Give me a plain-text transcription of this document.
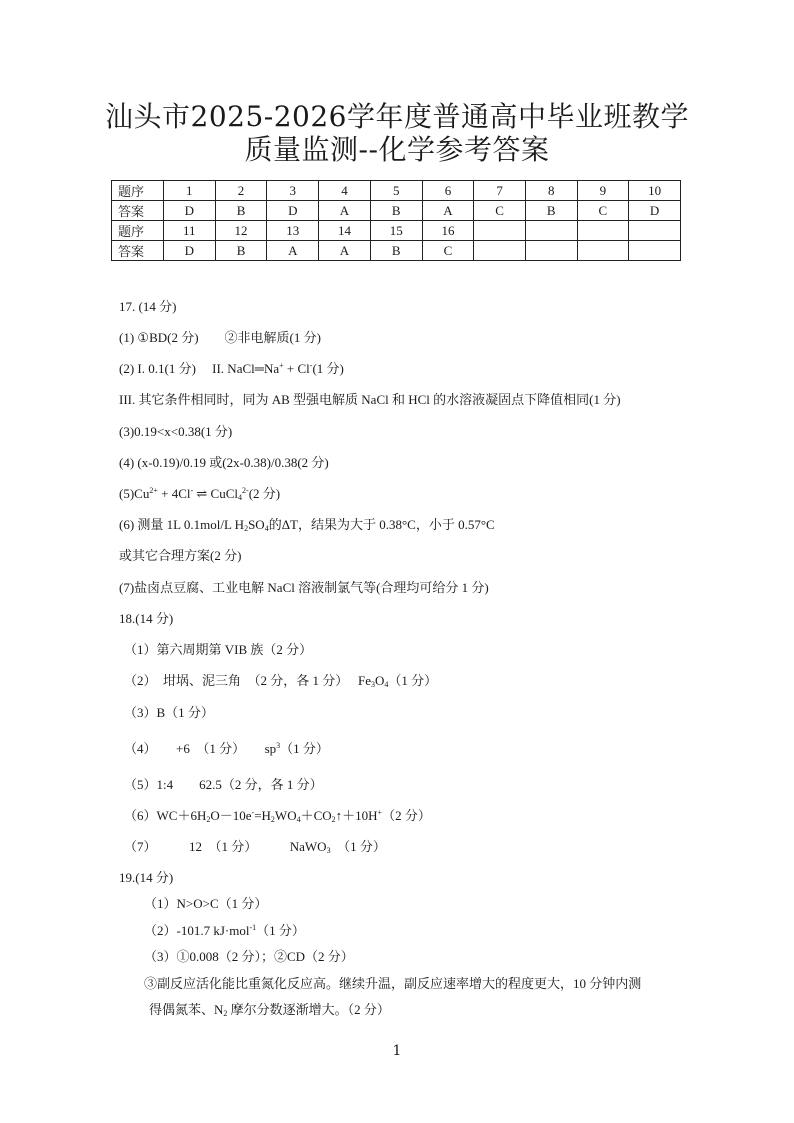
汕头市2025-2026学年度普通高中毕业班教学
质量监测--化学参考答案
题序	1	2	3	4	5	6	7	8	9	10
答案	D	B	D	A	B	A	C	B	C	D
题序	11	12	13	14	15	16				
答案	D	B	A	A	B	C				
17. (14 分)
(1) ①BD(2 分)　　②非电解质(1 分)
(2) I. 0.1(1 分)　 II. NaCl═Na+ + Cl-(1 分)
III. 其它条件相同时，同为 AB 型强电解质 NaCl 和 HCl 的水溶液凝固点下降值相同(1 分)
(3)0.19<x<0.38(1 分)
(4) (x-0.19)/0.19 或(2x-0.38)/0.38(2 分)
$(5)Cu^{2+} + 4Cl^-$ ⇌ CuCl$_4^{2-}$(2 分)
(6) 测量 1L 0.1mol/L $H_2SO_4$的ΔT，结果为大于 0.38°C，小于 0.57°C
或其它合理方案(2 分)
(7)盐卤点豆腐、工业电解 NaCl 溶液制氯气等(合理均可给分 1 分)
18.(14 分)
（1）第六周期第 VIB 族（2 分）
（2）　坩埚、泥三角　（2 分，各 1 分）　 $Fe_3O_4(1$ 分）
（3）B（1 分）
（4）　　+6　（1 分）　　$sp^3(1$ 分）
（5）1:4　　62.5（2 分，各 1 分）
$(6)WC+6H_2O-10e^-=H_2WO_4+CO_2↑+10H^+(2$ 分）
（7）　　　12　（1 分）　　　NaWO$_3$　（1 分）
19.(14 分)
（1）N>O>C（1 分）
（2）-101.7 kJ·mol$^{-1}$（1 分）
（3）①0.008（2 分）；②CD（2 分）
③副反应活化能比重氮化反应高。继续升温，副反应速率增大的程度更大，10 分钟内测
得偶氮苯、$N_2$ 摩尔分数逐渐增大。（2 分）
1
